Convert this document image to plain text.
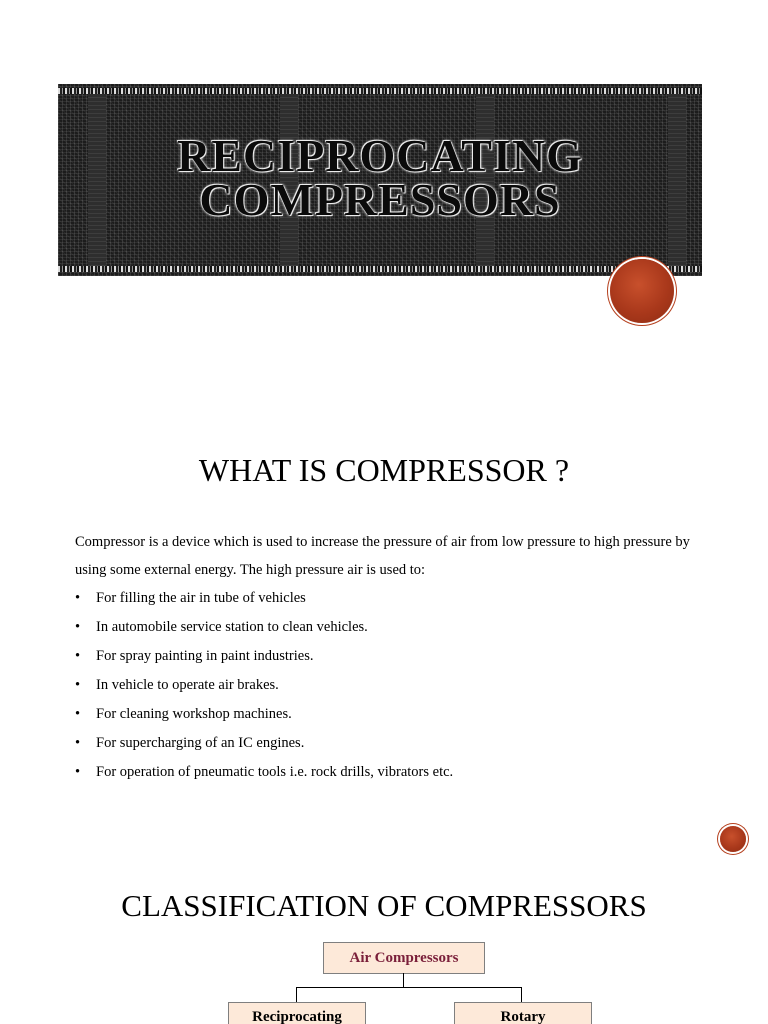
RECIPROCATING
COMPRESSORS
WHAT IS COMPRESSOR ?

Compressor is a device which is used to increase the pressure of air from low pressure to high pressure by using some external energy. The high pressure air is used to:

• For filling the air in tube of vehicles
• In automobile service station to clean vehicles.
• For spray painting in paint industries.
• In vehicle to operate air brakes.
• For cleaning workshop machines.
• For supercharging of an IC engines.
• For operation of pneumatic tools i.e. rock drills, vibrators etc.
CLASSIFICATION OF COMPRESSORS
Air Compressors
Reciprocating	Rotary
